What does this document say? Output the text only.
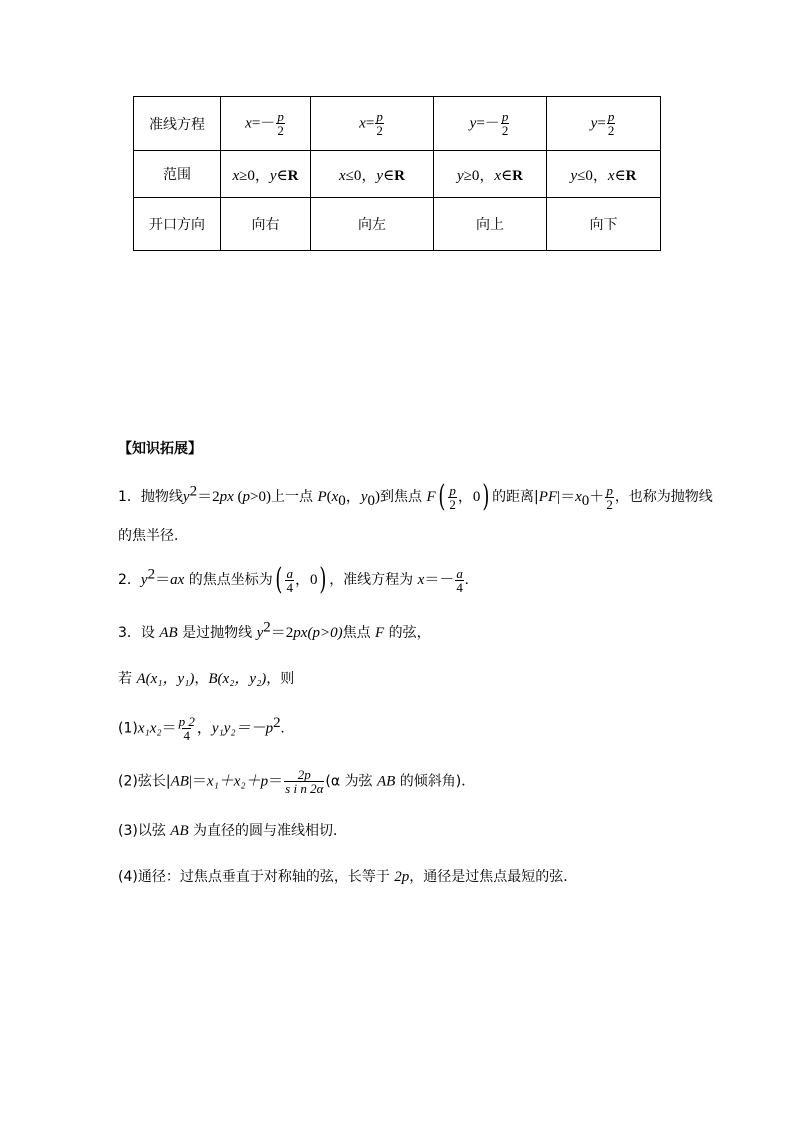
准线方程	$x=- \frac{p}{2}$	$x= \frac{p}{2}$	$y=- \frac{p}{2}$	$y= \frac{p}{2}$

范围	x≥0，y∈R	x≤0，y∈R	y≥0，x∈R	y≤0，x∈R
开口方向	向右	向左	向上	向下
【知识拓展】
1．抛物线$y^2=2px$ (p>0)上一点 $P(x_0$，$y_0$)到焦点 $F( \frac{p}{2}$ ，0) 的距离$|PF|=x_0+ \frac{p}{2}$ ，也称为抛物线
的焦半径．
2．$y^2=ax$ 的焦点坐标为( $\frac{a}{4}$ ，0) ，准线方程为 $x=- \frac{a}{4}$ .
3．设 AB 是过抛物线 $y^2=2px(p>0)$焦点 F 的弦，
若 A(x₁，y₁)，B(x₂，y₂)，则
$(1)x_1x_2= \frac{p 2}{4}$ ，$y_1y_2=-p^2$.
(2)弦长$|AB|=x_1+x_2+p= \frac{2p}{\text{s i n 2α}} (\alpha$ 为弦 AB 的倾斜角)．
(3)以弦 AB 为直径的圆与准线相切．
(4)通径：过焦点垂直于对称轴的弦，长等于 2p，通径是过焦点最短的弦．
